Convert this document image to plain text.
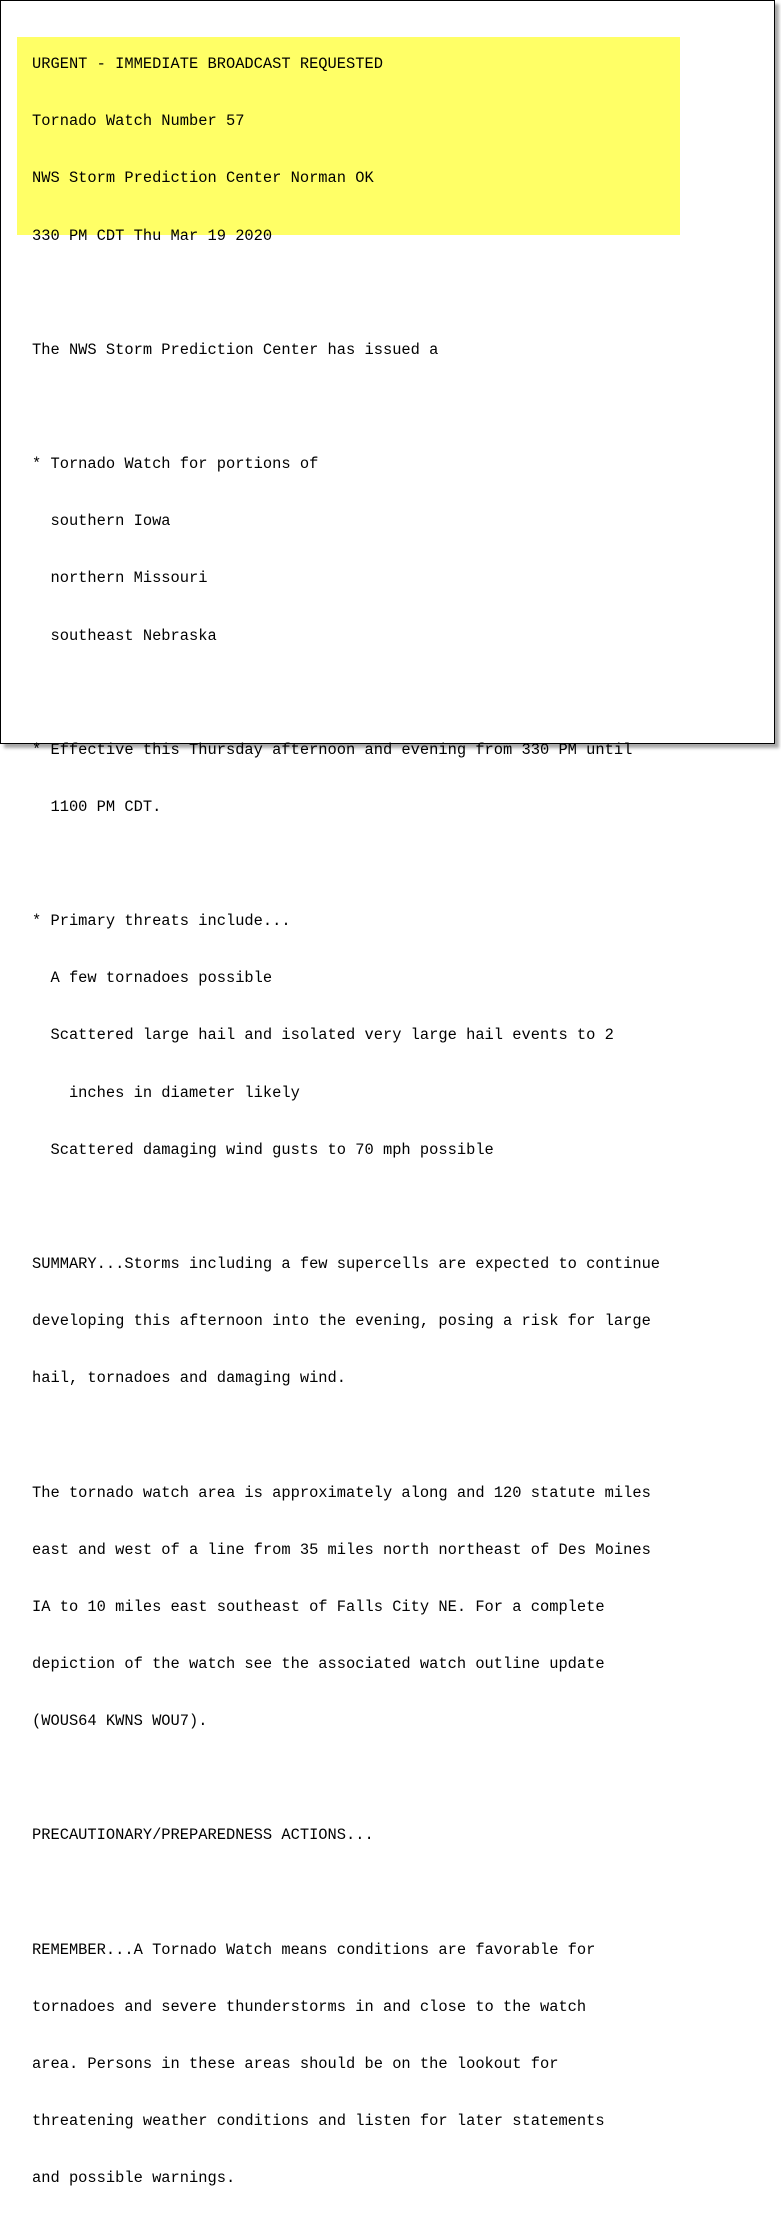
URGENT - IMMEDIATE BROADCAST REQUESTED

Tornado Watch Number 57

NWS Storm Prediction Center Norman OK

330 PM CDT Thu Mar 19 2020

The NWS Storm Prediction Center has issued a

* Tornado Watch for portions of

southern Iowa

northern Missouri

southeast Nebraska

* Effective this Thursday afternoon and evening from 330 PM until

1100 PM CDT.

* Primary threats include...

A few tornadoes possible

Scattered large hail and isolated very large hail events to 2

inches in diameter likely

Scattered damaging wind gusts to 70 mph possible

SUMMARY...Storms including a few supercells are expected to continue

developing this afternoon into the evening, posing a risk for large

hail, tornadoes and damaging wind.

The tornado watch area is approximately along and 120 statute miles

east and west of a line from 35 miles north northeast of Des Moines

IA to 10 miles east southeast of Falls City NE. For a complete

depiction of the watch see the associated watch outline update

(WOUS64 KWNS WOU7).

PRECAUTIONARY/PREPAREDNESS ACTIONS...

REMEMBER...A Tornado Watch means conditions are favorable for

tornadoes and severe thunderstorms in and close to the watch

area. Persons in these areas should be on the lookout for

threatening weather conditions and listen for later statements

and possible warnings.
